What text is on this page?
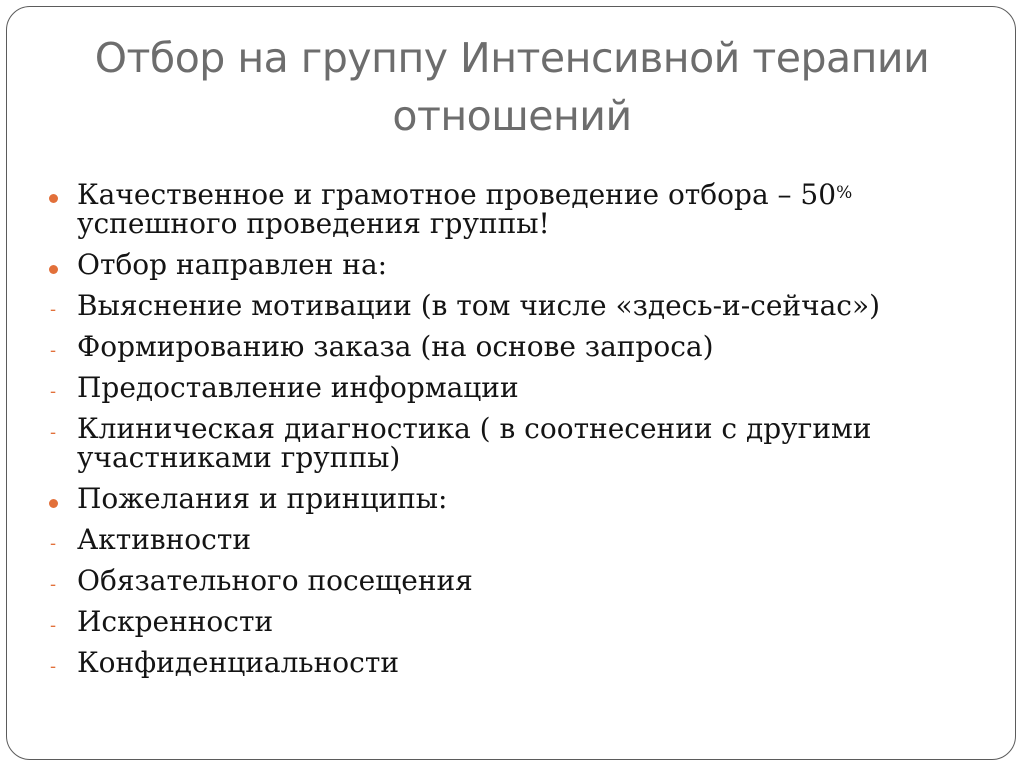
Отбор на группу Интенсивной терапии отношений
Качественное и грамотное проведение отбора – 50% успешного проведения группы!
Отбор направлен на:
- Выяснение мотивации (в том числе «здесь-и-сейчас»)
- Формированию заказа (на основе запроса)
- Предоставление информации
- Клиническая диагностика ( в соотнесении с другими участниками группы)
Пожелания и принципы:
- Активности
- Обязательного посещения
- Искренности
- Конфиденциальности
